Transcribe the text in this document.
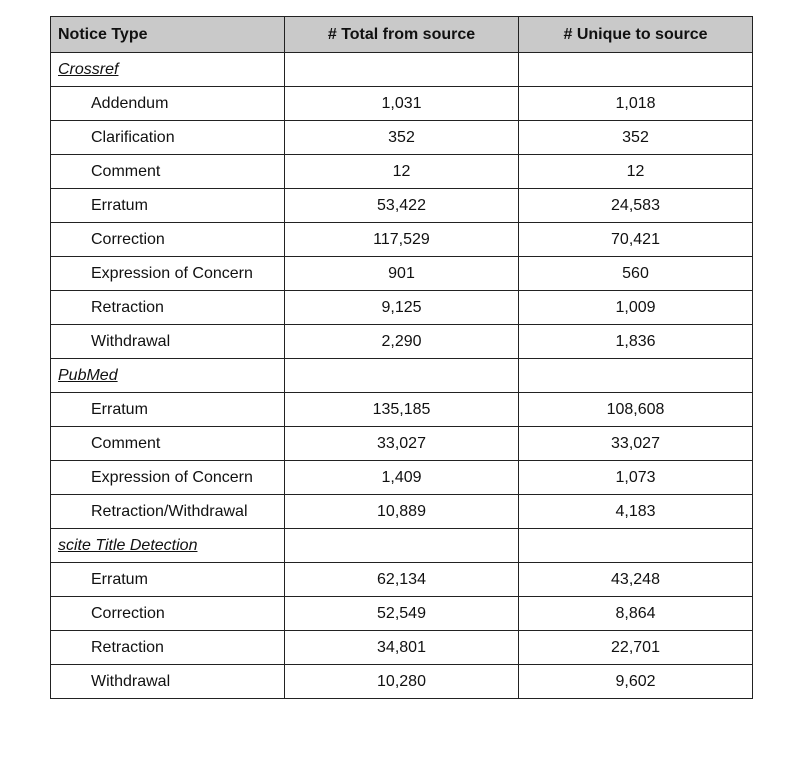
Notice Type	# Total from source	# Unique to source
Crossref		
Addendum	1,031	1,018
Clarification	352	352
Comment	12	12
Erratum	53,422	24,583
Correction	117,529	70,421
Expression of Concern	901	560
Retraction	9,125	1,009
Withdrawal	2,290	1,836
PubMed		
Erratum	135,185	108,608
Comment	33,027	33,027
Expression of Concern	1,409	1,073
Retraction/Withdrawal	10,889	4,183
scite Title Detection		
Erratum	62,134	43,248
Correction	52,549	8,864
Retraction	34,801	22,701
Withdrawal	10,280	9,602
